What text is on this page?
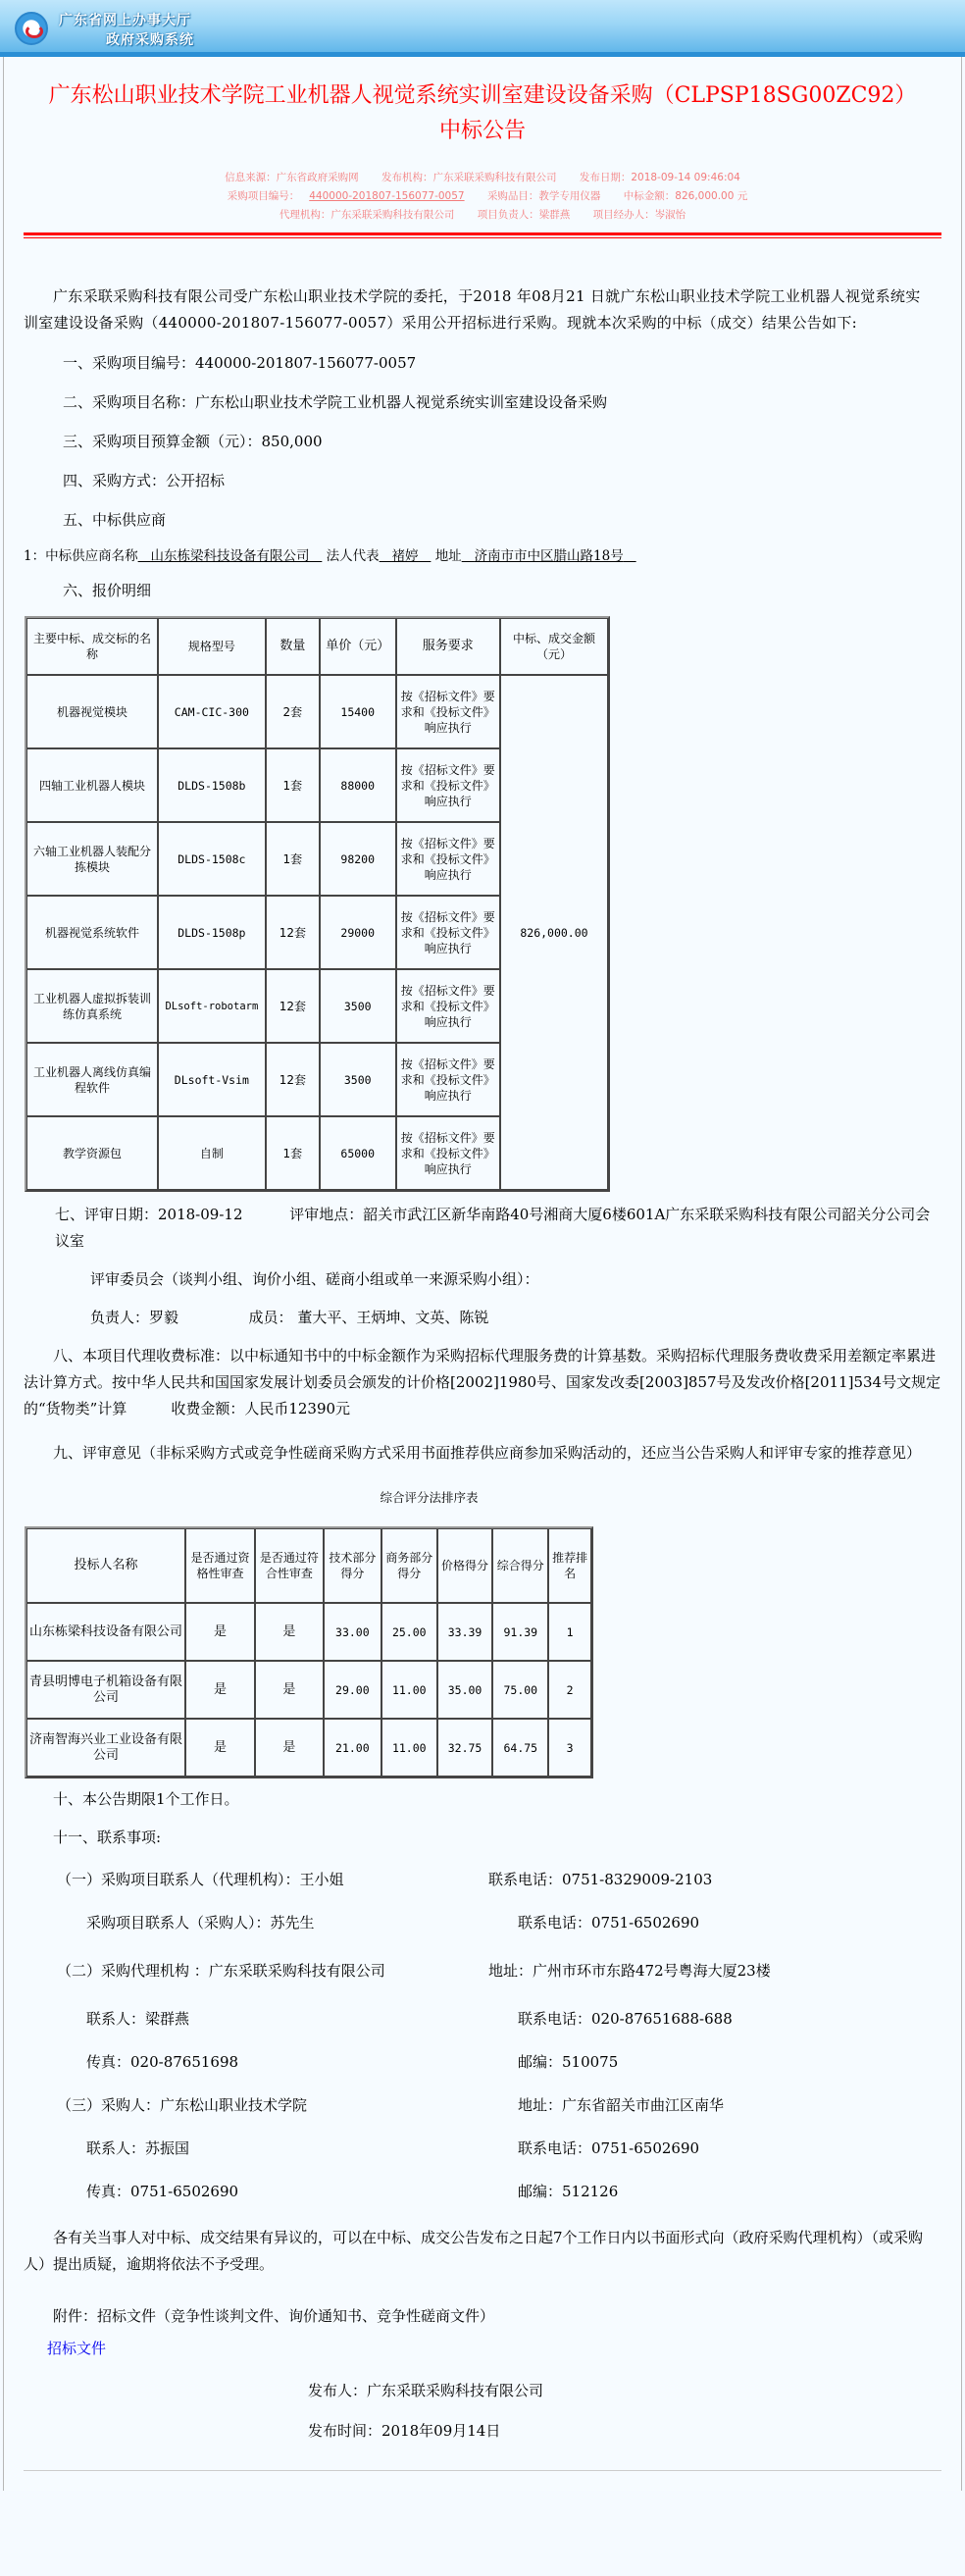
广东省网上办事大厅
政府采购系统
广东松山职业技术学院工业机器人视觉系统实训室建设设备采购（CLPSP18SG00ZC92）
中标公告
信息来源：广东省政府采购网 发布机构：广东采联采购科技有限公司 发布日期：2018-09-14 09:46:04
采购项目编号： 440000-201807-156077-0057 采购品目：教学专用仪器 中标金额：826,000.00 元
代理机构：广东采联采购科技有限公司 项目负责人：梁群燕 项目经办人：岑淑怡

广东采联采购科技有限公司受广东松山职业技术学院的委托，于2018 年08月21 日就广东松山职业技术学院工业机器人视觉系统实训室建设设备采购（440000-201807-156077-0057）采用公开招标进行采购。现就本次采购的中标（成交）结果公告如下:

一、采购项目编号：440000-201807-156077-0057

二、采购项目名称：广东松山职业技术学院工业机器人视觉系统实训室建设设备采购

三、采购项目预算金额（元）：850,000

四、采购方式：公开招标

五、中标供应商

1：中标供应商名称 山东栋梁科技设备有限公司 法人代表 褚婷 地址 济南市市中区腊山路18号

六、报价明细

主要中标、成交标的名称	规格型号	数量	单价（元）	服务要求	中标、成交金额（元）
机器视觉模块	CAM-CIC-300	2套	15400	按《招标文件》要求和《投标文件》响应执行	826,000.00
四轴工业机器人模块	DLDS-1508b	1套	88000	按《招标文件》要求和《投标文件》响应执行	
六轴工业机器人装配分拣模块	DLDS-1508c	1套	98200	按《招标文件》要求和《投标文件》响应执行	
机器视觉系统软件	DLDS-1508p	12套	29000	按《招标文件》要求和《投标文件》响应执行	
工业机器人虚拟拆装训练仿真系统	DLsoft-robotarm	12套	3500	按《招标文件》要求和《投标文件》响应执行	
工业机器人离线仿真编程软件	DLsoft-Vsim	12套	3500	按《招标文件》要求和《投标文件》响应执行	
教学资源包	自制	1套	65000	按《招标文件》要求和《投标文件》响应执行	

七、评审日期：2018-09-12	评审地点：韶关市武江区新华南路40号湘商大厦6楼601A广东采联采购科技有限公司韶关分公司会议室

评审委员会（谈判小组、询价小组、磋商小组或单一来源采购小组）：

负责人：罗毅	成员： 董大平、王炳坤、文英、陈锐

八、本项目代理收费标准：以中标通知书中的中标金额作为采购招标代理服务费的计算基数。采购招标代理服务费收费采用差额定率累进法计算方式。按中华人民共和国国家发展计划委员会颁发的计价格[2002]1980号、国家发改委[2003]857号及发改价格[2011]534号文规定的“货物类”计算　　　收费金额：人民币12390元

九、评审意见（非标采购方式或竞争性磋商采购方式采用书面推荐供应商参加采购活动的，还应当公告采购人和评审专家的推荐意见）

综合评分法排序表
投标人名称	是否通过资格性审查	是否通过符合性审查	技术部分得分	商务部分得分	价格得分	综合得分	推荐排名
山东栋梁科技设备有限公司	是	是	33.00	25.00	33.39	91.39	1
青县明博电子机箱设备有限公司	是	是	29.00	11.00	35.00	75.00	2
济南智海兴业工业设备有限公司	是	是	21.00	11.00	32.75	64.75	3

十、本公告期限1个工作日。

十一、联系事项:

（一）采购项目联系人（代理机构）：王小姐	联系电话：0751-8329009-2103
采购项目联系人（采购人）：苏先生	联系电话：0751-6502690
（二）采购代理机构 ：广东采联采购科技有限公司	地址：广州市环市东路472号粤海大厦23楼
联系人：梁群燕	联系电话：020-87651688-688
传真：020-87651698	邮编：510075
（三）采购人：广东松山职业技术学院	地址：广东省韶关市曲江区南华
联系人：苏振国	联系电话：0751-6502690
传真：0751-6502690	邮编：512126

各有关当事人对中标、成交结果有异议的，可以在中标、成交公告发布之日起7个工作日内以书面形式向（政府采购代理机构）（或采购人）提出质疑，逾期将依法不予受理。

附件：招标文件（竞争性谈判文件、询价通知书、竞争性磋商文件）

招标文件

发布人：广东采联采购科技有限公司

发布时间：2018年09月14日
